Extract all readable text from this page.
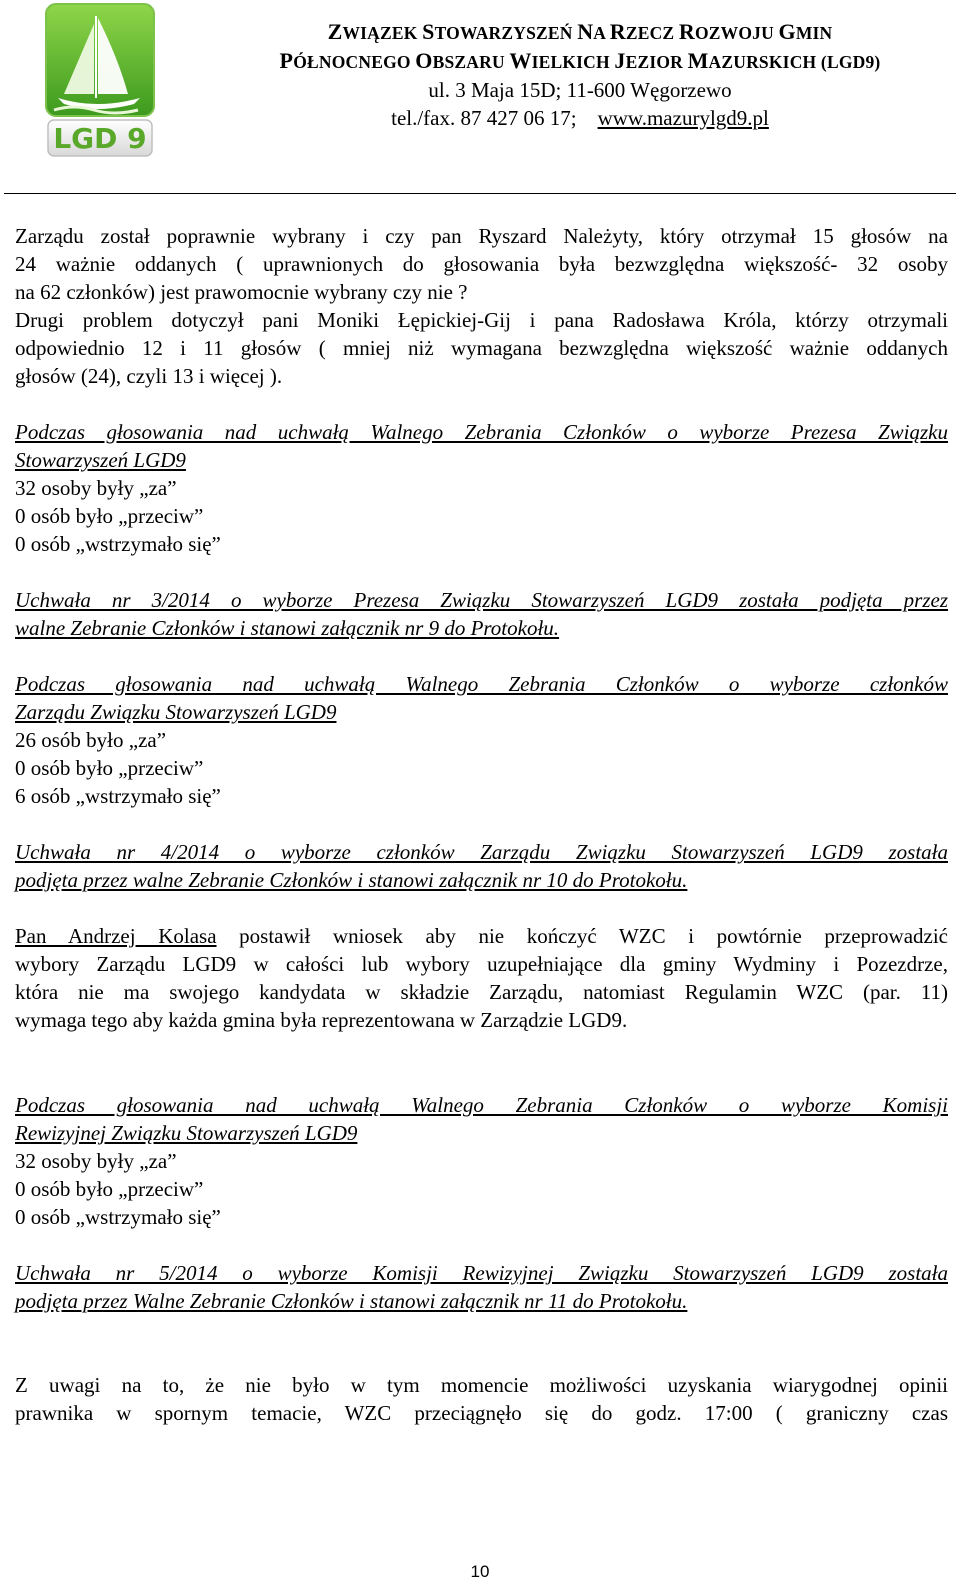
LGD 9
ZWIĄZEK STOWARZYSZEŃ NA RZECZ ROZWOJU GMIN
PÓŁNOCNEGO OBSZARU WIELKICH JEZIOR MAZURSKICH (LGD9)
ul. 3 Maja 15D; 11-600 Węgorzewo
tel./fax. 87 427 06 17; www.mazurylgd9.pl
Zarządu został poprawnie wybrany i czy pan Ryszard Należyty, który otrzymał 15 głosów na
24 ważnie oddanych ( uprawnionych do głosowania była bezwzględna większość- 32 osoby
na 62 członków) jest prawomocnie wybrany czy nie ?
Drugi problem dotyczył pani Moniki Łępickiej-Gij i pana Radosława Króla, którzy otrzymali
odpowiednio 12 i 11 głosów ( mniej niż wymagana bezwzględna większość ważnie oddanych
głosów (24), czyli 13 i więcej ).
Podczas głosowania nad uchwałą Walnego Zebrania Członków o wyborze Prezesa Związku
Stowarzyszeń LGD9
32 osoby były „za”
0 osób było „przeciw”
0 osób „wstrzymało się”
Uchwała nr 3/2014 o wyborze Prezesa Związku Stowarzyszeń LGD9 została podjęta przez
walne Zebranie Członków i stanowi załącznik nr 9 do Protokołu.
Podczas głosowania nad uchwałą Walnego Zebrania Członków o wyborze członków
Zarządu Związku Stowarzyszeń LGD9
26 osób było „za”
0 osób było „przeciw”
6 osób „wstrzymało się”
Uchwała nr 4/2014 o wyborze członków Zarządu Związku Stowarzyszeń LGD9 została
podjęta przez walne Zebranie Członków i stanowi załącznik nr 10 do Protokołu.
Pan Andrzej Kolasa postawił wniosek aby nie kończyć WZC i powtórnie przeprowadzić
wybory Zarządu LGD9 w całości lub wybory uzupełniające dla gminy Wydminy i Pozezdrze,
która nie ma swojego kandydata w składzie Zarządu, natomiast Regulamin WZC (par. 11)
wymaga tego aby każda gmina była reprezentowana w Zarządzie LGD9.
Podczas głosowania nad uchwałą Walnego Zebrania Członków o wyborze Komisji
Rewizyjnej Związku Stowarzyszeń LGD9
32 osoby były „za”
0 osób było „przeciw”
0 osób „wstrzymało się”
Uchwała nr 5/2014 o wyborze Komisji Rewizyjnej Związku Stowarzyszeń LGD9 została
podjęta przez Walne Zebranie Członków i stanowi załącznik nr 11 do Protokołu.
Z uwagi na to, że nie było w tym momencie możliwości uzyskania wiarygodnej opinii
prawnika w spornym temacie, WZC przeciągnęło się do godz. 17:00 ( graniczny czas
10
